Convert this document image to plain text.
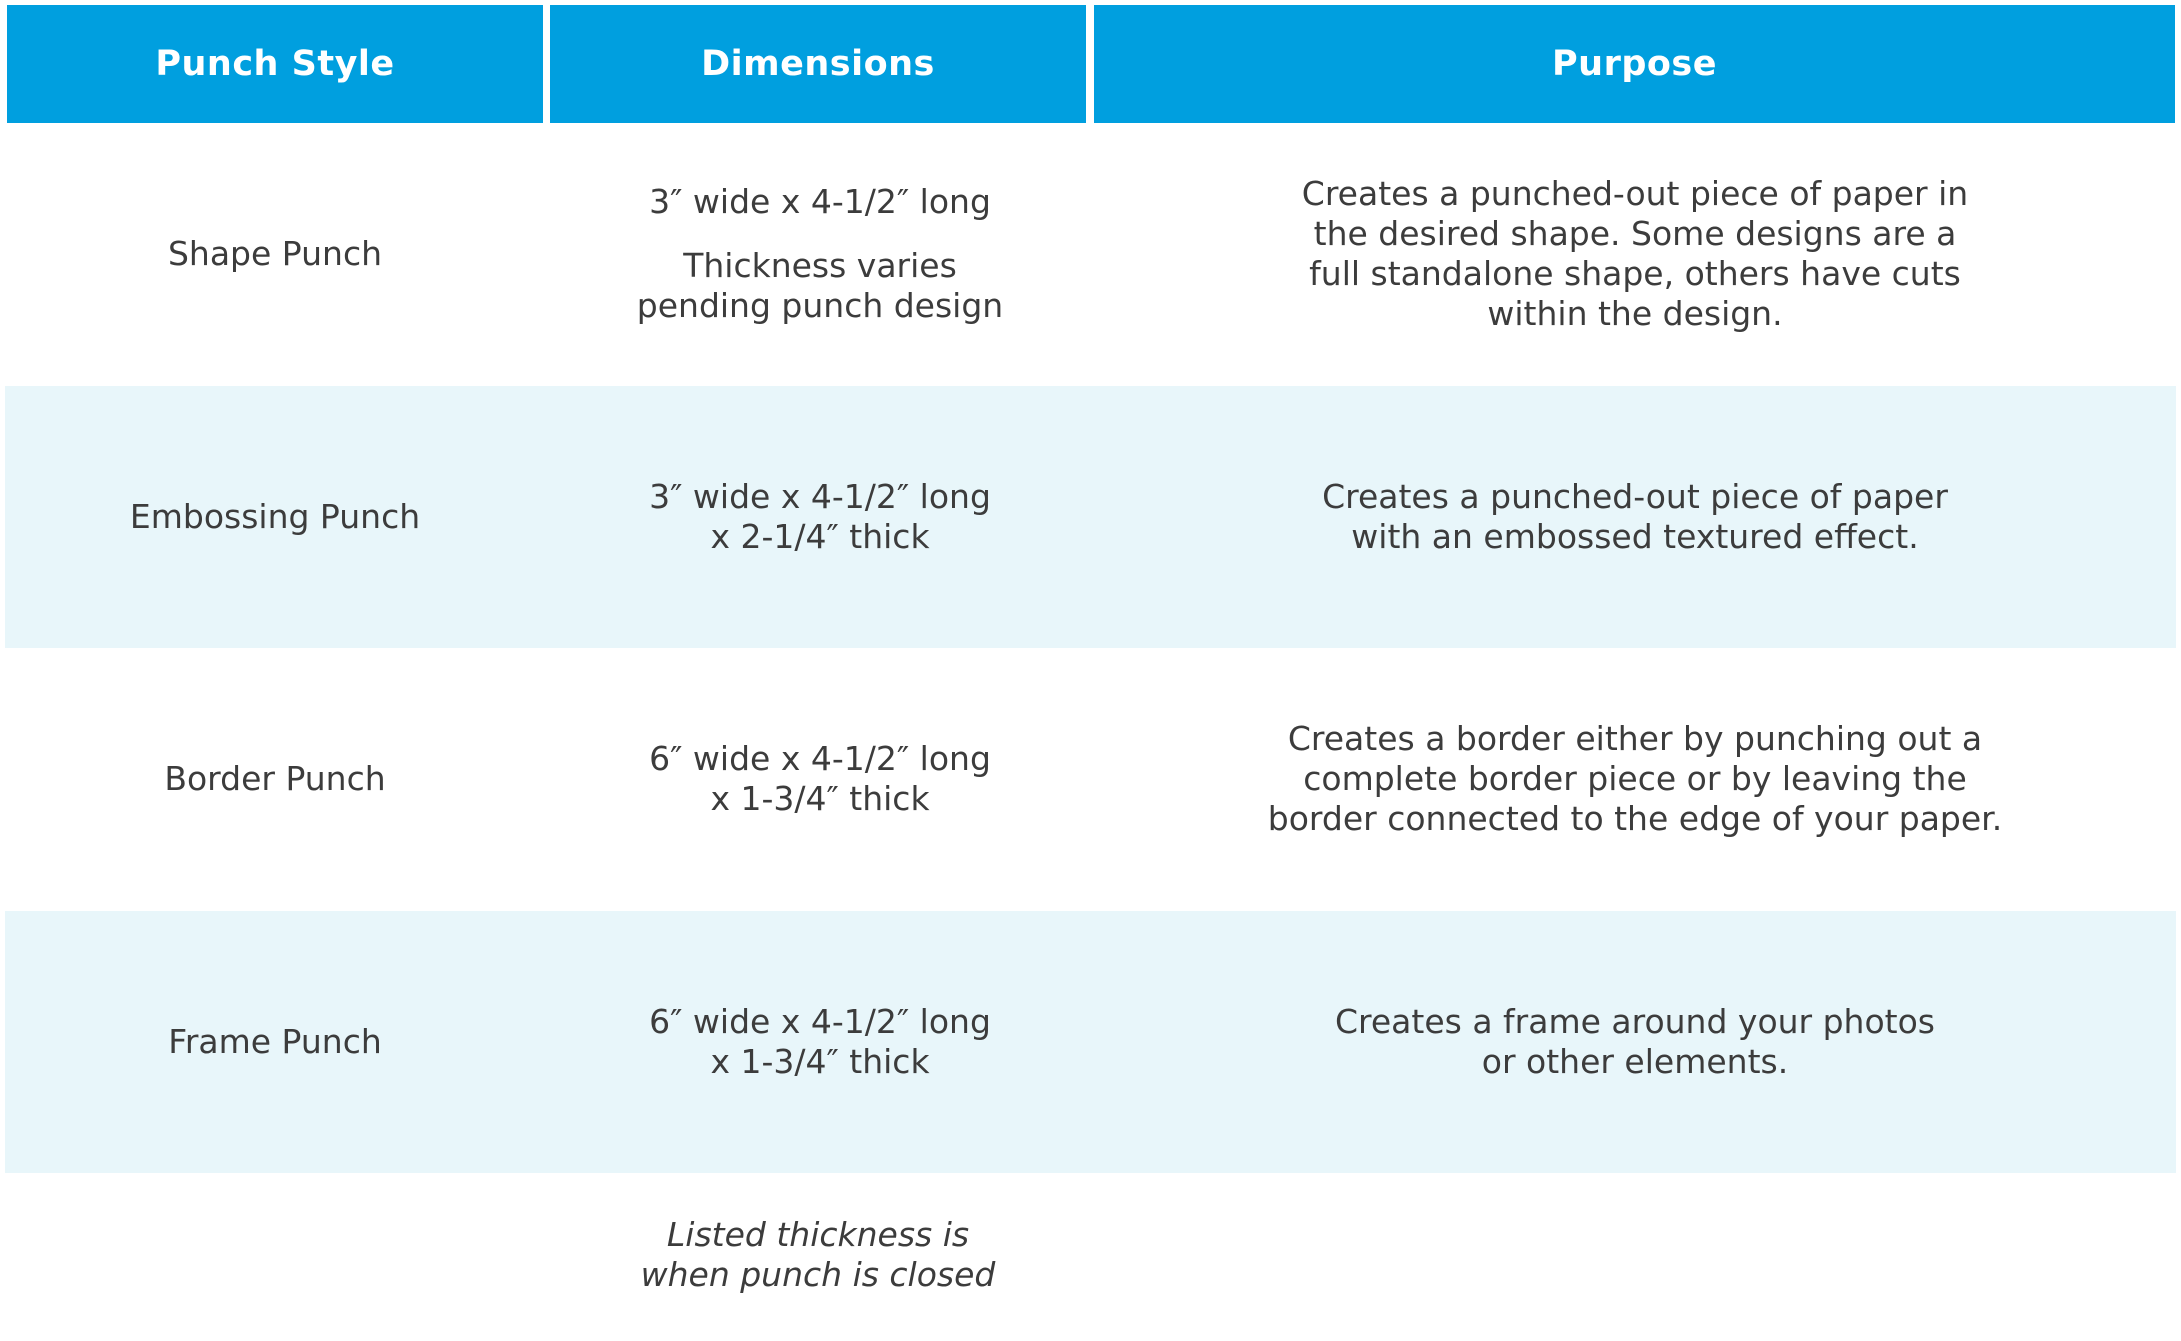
Punch Style	Dimensions	Purpose
Shape Punch
3″ wide x 4-1/2″ long
Thickness varies
pending punch design
Creates a punched-out piece of paper in
the desired shape. Some designs are a
full standalone shape, others have cuts
within the design.
Embossing Punch
3″ wide x 4-1/2″ long
x 2-1/4″ thick
Creates a punched-out piece of paper
with an embossed textured effect.
Border Punch
6″ wide x 4-1/2″ long
x 1-3/4″ thick
Creates a border either by punching out a
complete border piece or by leaving the
border connected to the edge of your paper.
Frame Punch
6″ wide x 4-1/2″ long
x 1-3/4″ thick
Creates a frame around your photos
or other elements.
Listed thickness is
when punch is closed
